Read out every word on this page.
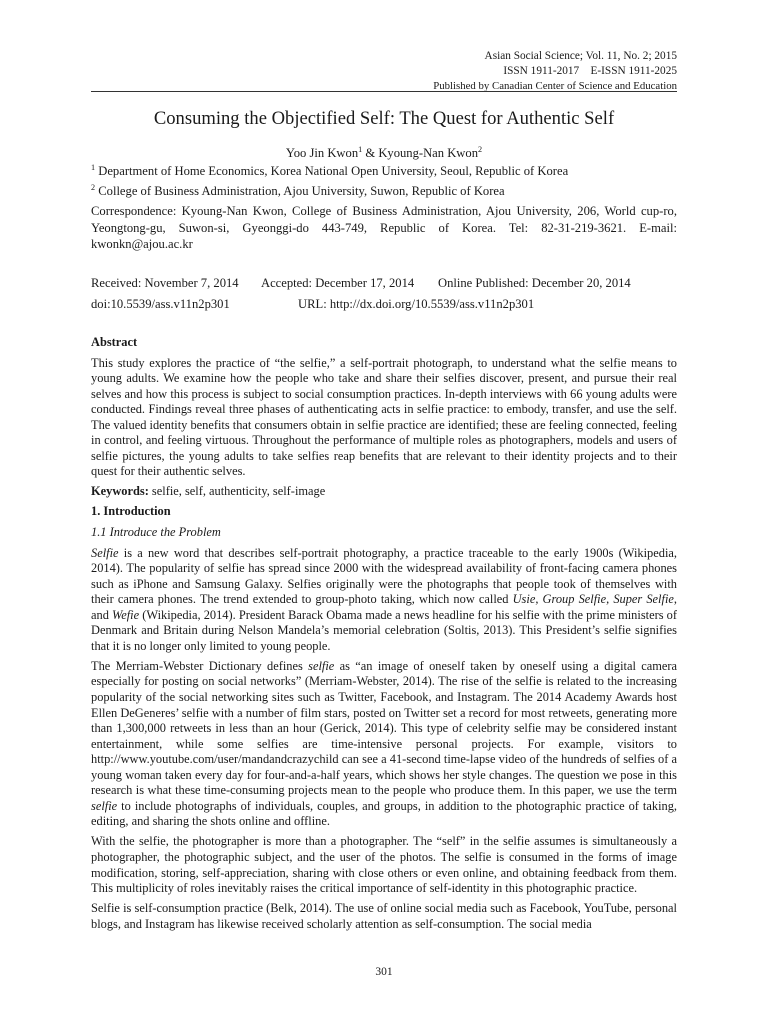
Asian Social Science; Vol. 11, No. 2; 2015
ISSN 1911-2017    E-ISSN 1911-2025
Published by Canadian Center of Science and Education
Consuming the Objectified Self: The Quest for Authentic Self
Yoo Jin Kwon$^1$ & Kyoung-Nan Kwon$^2$
$^1$ Department of Home Economics, Korea National Open University, Seoul, Republic of Korea
$^2$ College of Business Administration, Ajou University, Suwon, Republic of Korea
Correspondence: Kyoung-Nan Kwon, College of Business Administration, Ajou University, 206, World cup-ro, Yeongtong-gu, Suwon-si, Gyeonggi-do 443-749, Republic of Korea. Tel: 82-31-219-3621. E-mail: kwonkn@ajou.ac.kr
Received: November 7, 2014 Accepted: December 17, 2014 Online Published: December 20, 2014
doi:10.5539/ass.v11n2p301	URL: http://dx.doi.org/10.5539/ass.v11n2p301

Abstract

This study explores the practice of “the selfie,” a self-portrait photograph, to understand what the selfie means to young adults. We examine how the people who take and share their selfies discover, present, and pursue their real selves and how this process is subject to social consumption practices. In-depth interviews with 66 young adults were conducted. Findings reveal three phases of authenticating acts in selfie practice: to embody, transfer, and use the self. The valued identity benefits that consumers obtain in selfie practice are identified; these are feeling connected, feeling in control, and feeling virtuous. Throughout the performance of multiple roles as photographers, models and users of selfie pictures, the young adults to take selfies reap benefits that are relevant to their identity projects and to their quest for their authentic selves.

Keywords: selfie, self, authenticity, self-image

1. Introduction

1.1 Introduce the Problem

Selfie is a new word that describes self-portrait photography, a practice traceable to the early 1900s (Wikipedia, 2014). The popularity of selfie has spread since 2000 with the widespread availability of front-facing camera phones such as iPhone and Samsung Galaxy. Selfies originally were the photographs that people took of themselves with their camera phones. The trend extended to group-photo taking, which now called Usie, Group Selfie, Super Selfie, and Wefie (Wikipedia, 2014). President Barack Obama made a news headline for his selfie with the prime ministers of Denmark and Britain during Nelson Mandela’s memorial celebration (Soltis, 2013). This President’s selfie signifies that it is no longer only limited to young people.

The Merriam-Webster Dictionary defines selfie as “an image of oneself taken by oneself using a digital camera especially for posting on social networks” (Merriam-Webster, 2014). The rise of the selfie is related to the increasing popularity of the social networking sites such as Twitter, Facebook, and Instagram. The 2014 Academy Awards host Ellen DeGeneres’ selfie with a number of film stars, posted on Twitter set a record for most retweets, generating more than 1,300,000 retweets in less than an hour (Gerick, 2014). This type of celebrity selfie may be considered instant entertainment, while some selfies are time-intensive personal projects. For example, visitors to http://www.youtube.com/user/mandandcrazychild can see a 41-second time-lapse video of the hundreds of selfies of a young woman taken every day for four-and-a-half years, which shows her style changes. The question we pose in this research is what these time-consuming projects mean to the people who produce them. In this paper, we use the term selfie to include photographs of individuals, couples, and groups, in addition to the photographic practice of taking, editing, and sharing the shots online and offline.

With the selfie, the photographer is more than a photographer. The “self” in the selfie assumes is simultaneously a photographer, the photographic subject, and the user of the photos. The selfie is consumed in the forms of image modification, storing, self-appreciation, sharing with close others or even online, and obtaining feedback from them. This multiplicity of roles inevitably raises the critical importance of self-identity in this photographic practice.

Selfie is self-consumption practice (Belk, 2014). The use of online social media such as Facebook, YouTube, personal blogs, and Instagram has likewise received scholarly attention as self-consumption. The social media

301
